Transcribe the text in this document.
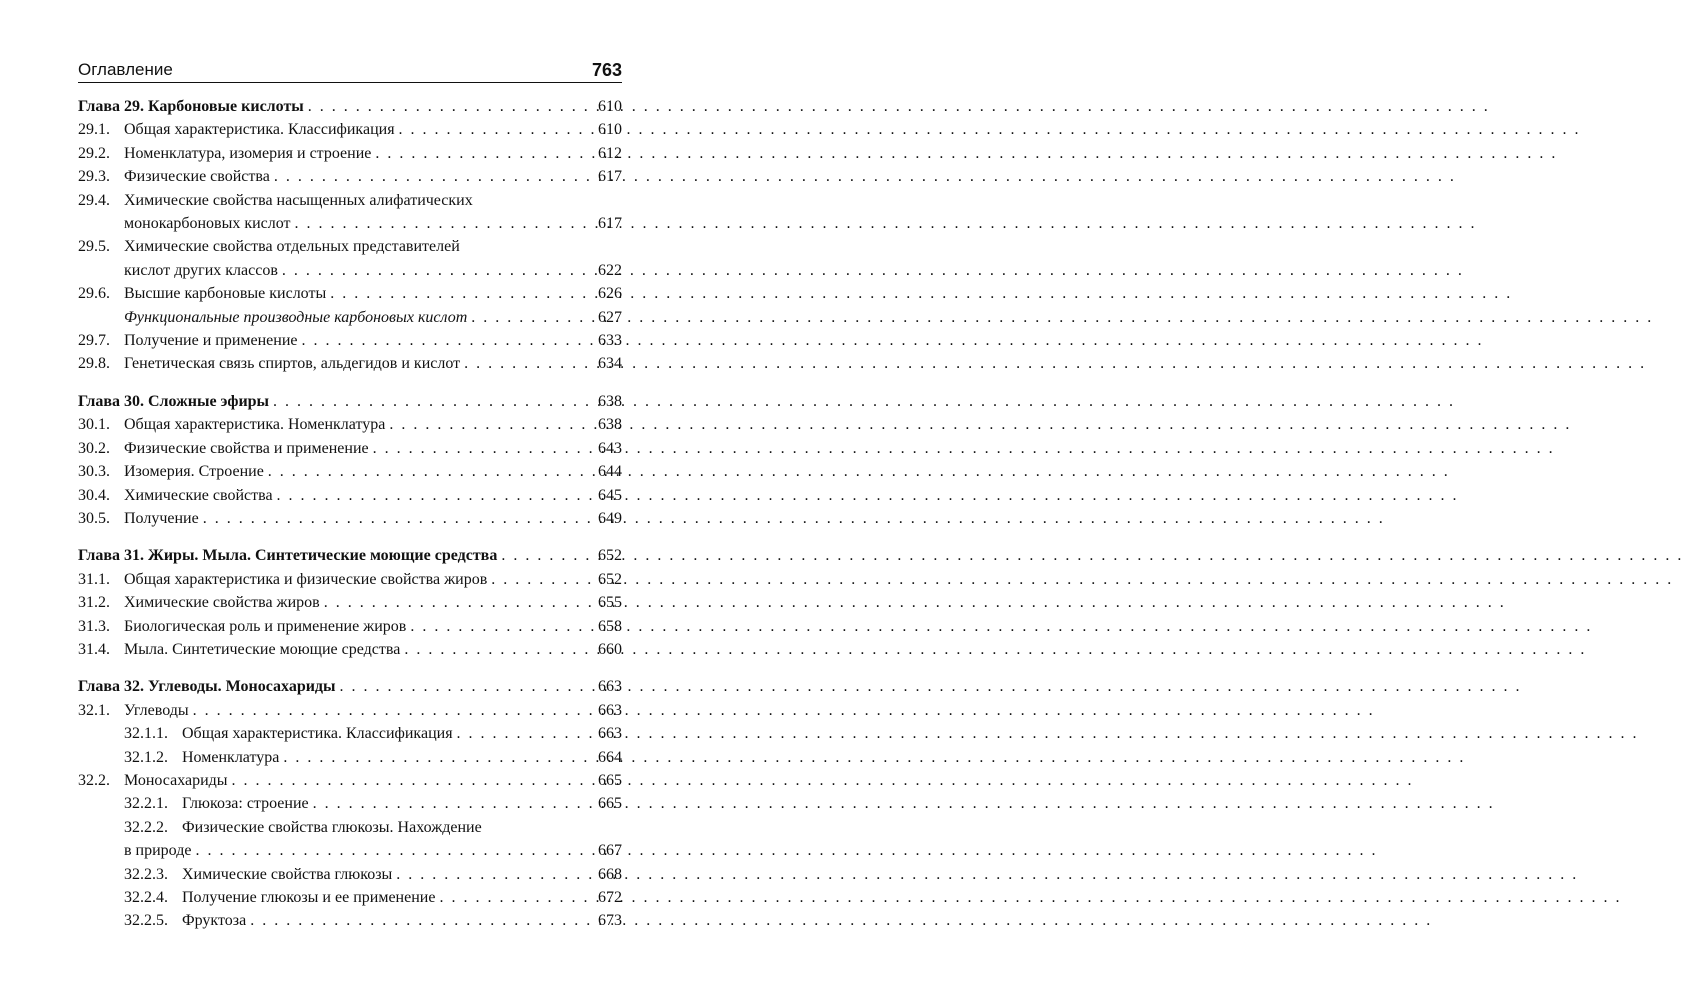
Оглавление	763
Глава 29. Карбоновые кислоты . . .	610
29.1. Общая характеристика. Классификация . . .	610
29.2. Номенклатура, изомерия и строение . . .	612
29.3. Физические свойства . . .	617
29.4. Химические свойства насыщенных алифатических
монокарбоновых кислот . . .	617
29.5. Химические свойства отдельных представителей
кислот других классов . . .	622
29.6. Высшие карбоновые кислоты . . .	626
Функциональные производные карбоновых кислот . . .	627
29.7. Получение и применение . . .	633
29.8. Генетическая связь спиртов, альдегидов и кислот . . .	634
Глава 30. Сложные эфиры . . .	638
30.1. Общая характеристика. Номенклатура . . .	638
30.2. Физические свойства и применение . . .	643
30.3. Изомерия. Строение . . .	644
30.4. Химические свойства . . .	645
30.5. Получение . . .	649
Глава 31. Жиры. Мыла. Синтетические моющие средства . . .	652
31.1. Общая характеристика и физические свойства жиров . . .	652
31.2. Химические свойства жиров . . .	655
31.3. Биологическая роль и применение жиров . . .	658
31.4. Мыла. Синтетические моющие средства . . .	660
Глава 32. Углеводы. Моносахариды . . .	663
32.1. Углеводы . . .	663
32.1.1. Общая характеристика. Классификация . . .	663
32.1.2. Номенклатура . . .	664
32.2. Моносахариды . . .	665
32.2.1. Глюкоза: строение . . .	665
32.2.2. Физические свойства глюкозы. Нахождение
в природе . . .	667
32.2.3. Химические свойства глюкозы . . .	668
32.2.4. Получение глюкозы и ее применение . . .	672
32.2.5. Фруктоза . . .	673
